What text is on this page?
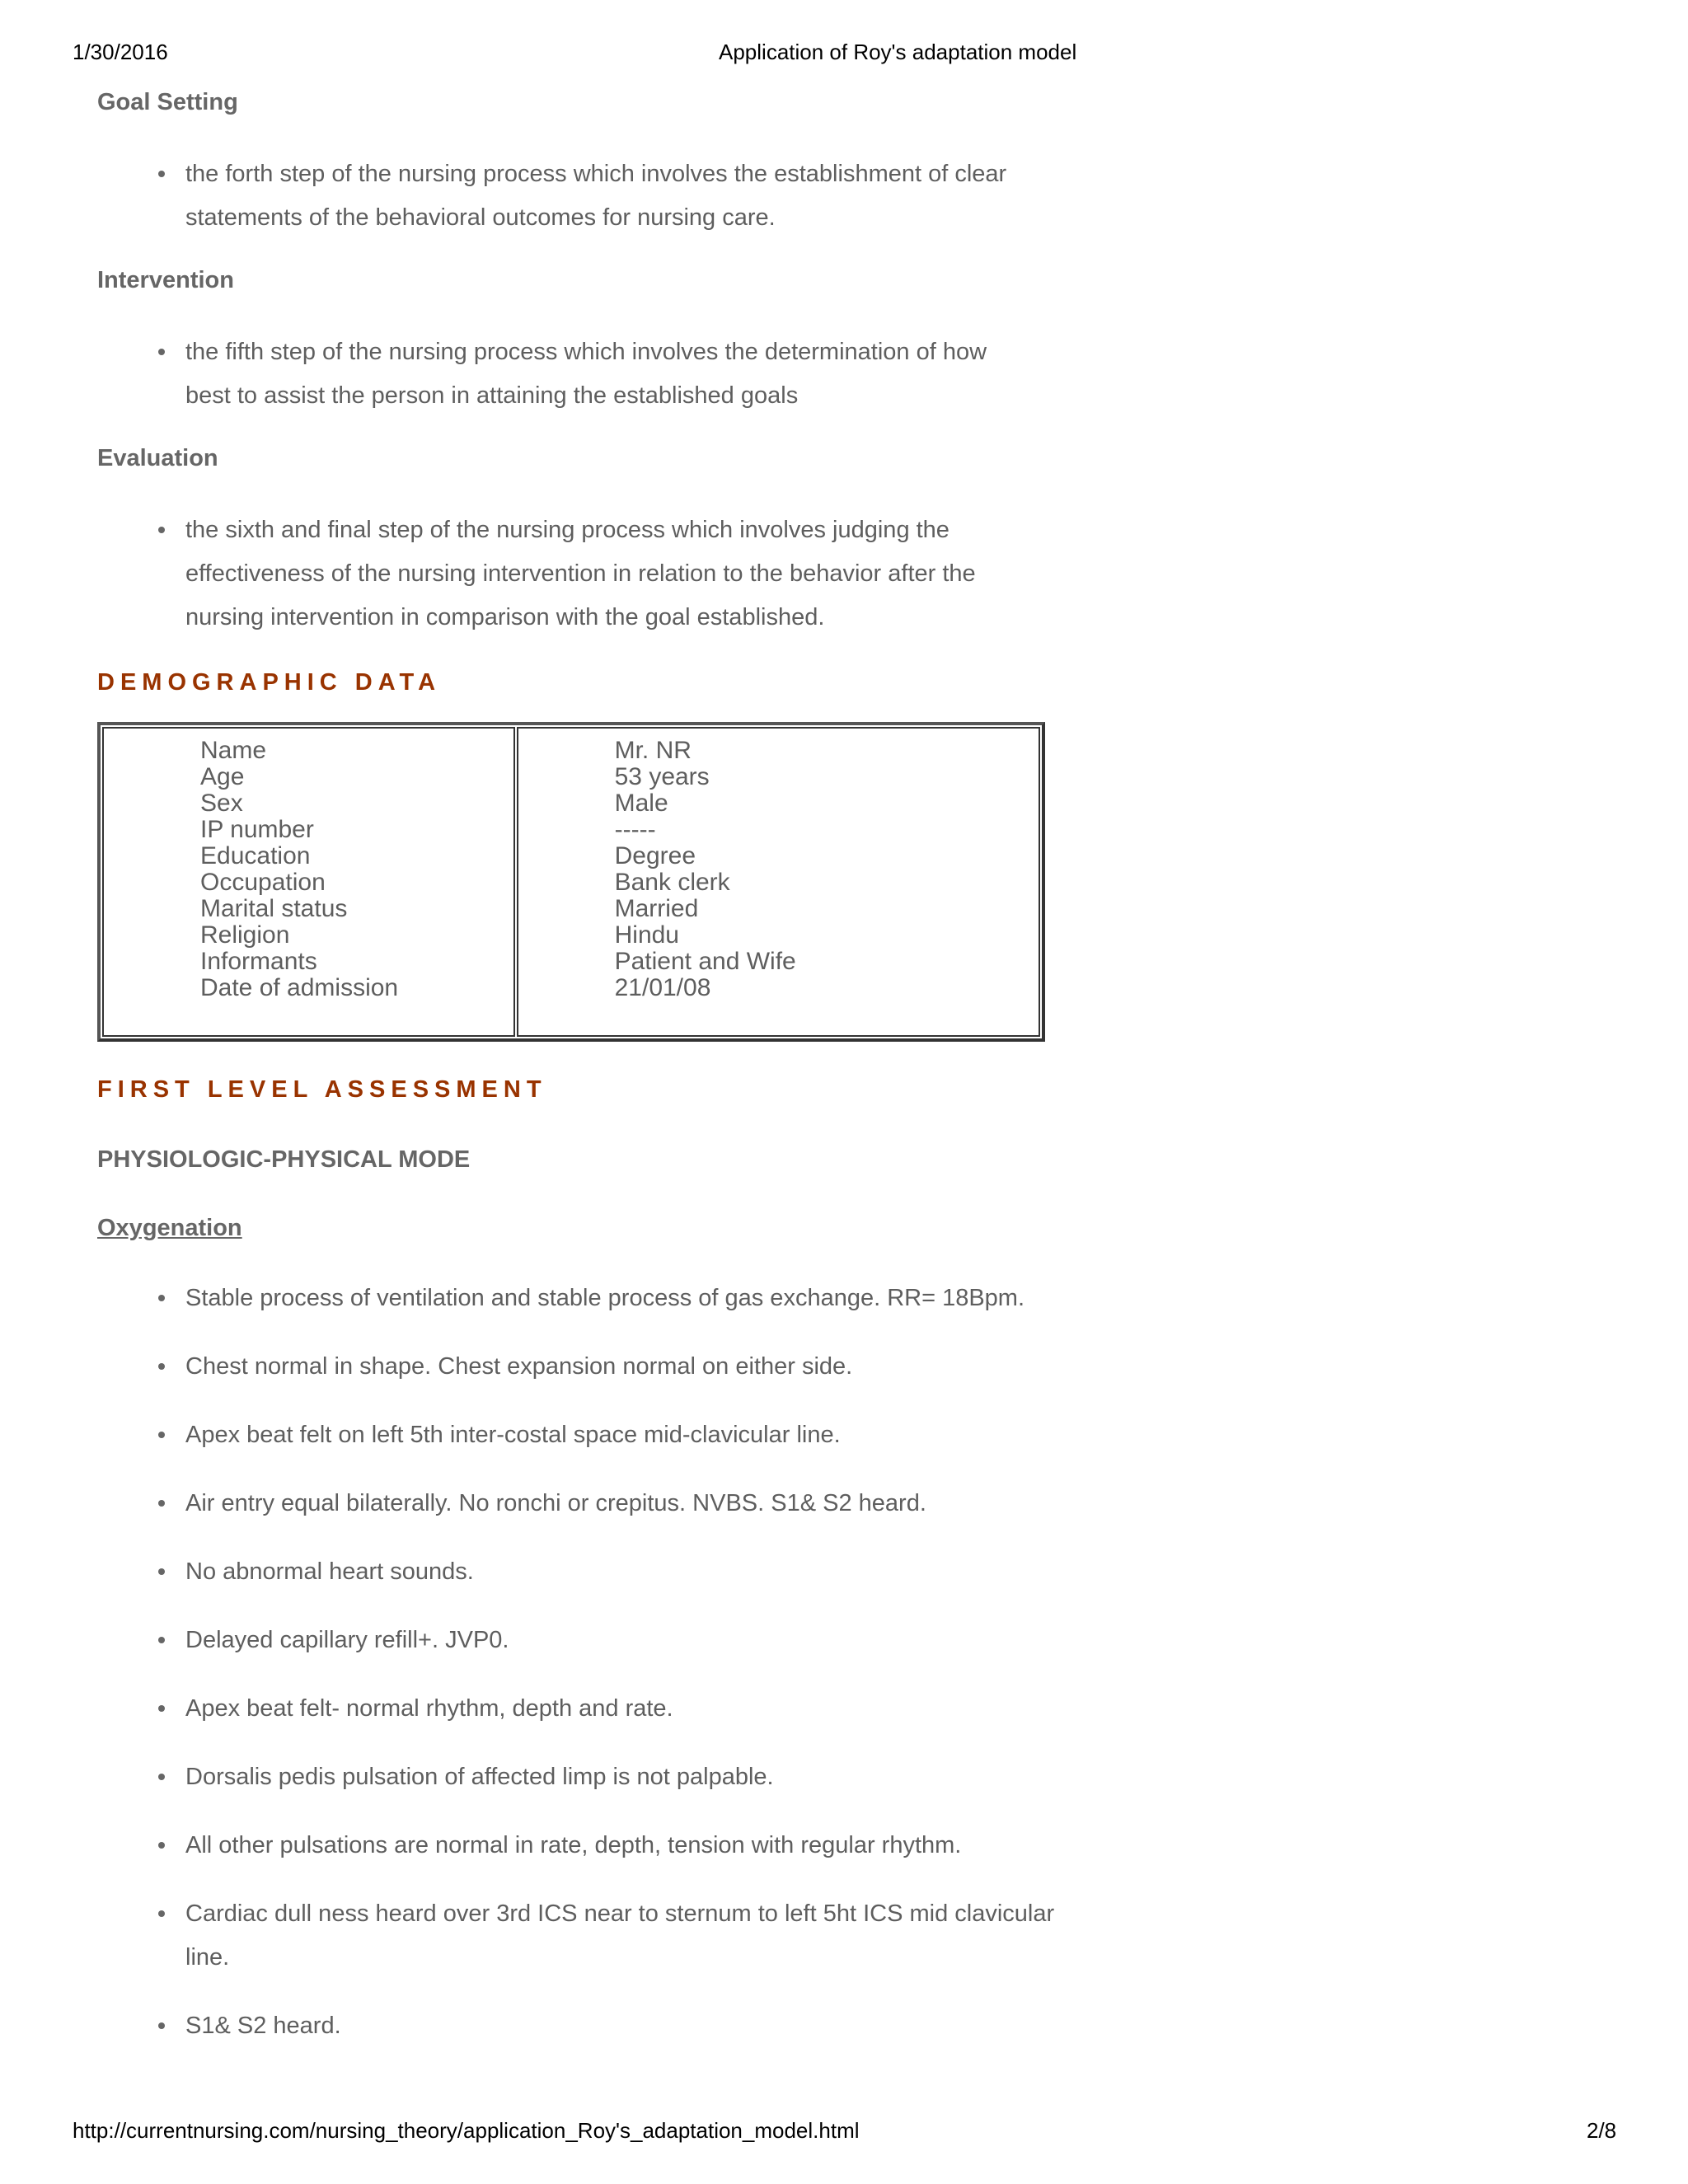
1/30/2016	Application of Roy's adaptation model
Goal Setting
the forth step of the nursing process which involves the establishment of clear statements of the behavioral outcomes for nursing care.
Intervention
the fifth step of the nursing process which involves the determination of how best to assist the person in attaining the established goals
Evaluation
the sixth and final step of the nursing process which involves judging the effectiveness of the nursing intervention in relation to the behavior after the nursing intervention in comparison with the goal established.
DEMOGRAPHIC DATA
Name
Age
Sex
IP number
Education
Occupation
Marital status
Religion
Informants
Date of admission
Mr. NR
53 years
Male
-----
Degree
Bank clerk
Married
Hindu
Patient and Wife
21/01/08
FIRST LEVEL ASSESSMENT
PHYSIOLOGIC-PHYSICAL MODE
Oxygenation
Stable process of ventilation and stable process of gas exchange. RR= 18Bpm.
Chest normal in shape. Chest expansion normal on either side.
Apex beat felt on left 5th inter-costal space mid-clavicular line.
Air entry equal bilaterally. No ronchi or crepitus. NVBS. S1& S2 heard.
No abnormal heart sounds.
Delayed capillary refill+. JVP0.
Apex beat felt- normal rhythm, depth and rate.
Dorsalis pedis pulsation of affected limp is not palpable.
All other pulsations are normal in rate, depth, tension with regular rhythm.
Cardiac dull ness heard over 3rd ICS near to sternum to left 5ht ICS mid clavicular line.
S1& S2 heard.
http://currentnursing.com/nursing_theory/application_Roy's_adaptation_model.html	2/8
